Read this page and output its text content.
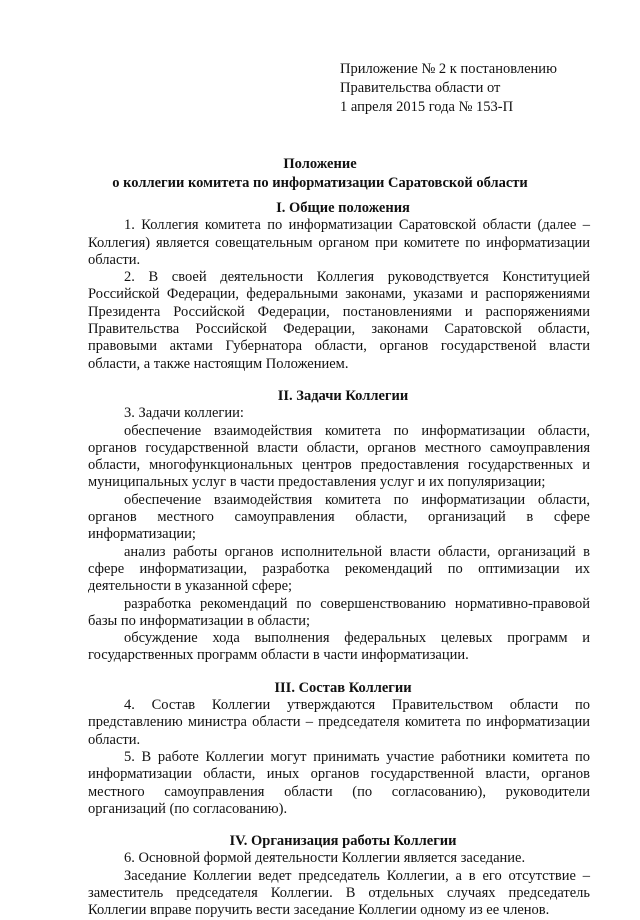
Приложение № 2 к постановлению
Правительства области от
1 апреля 2015 года № 153-П
Положение
о коллегии комитета по информатизации Саратовской области
I. Общие положения

1. Коллегия комитета по информатизации Саратовской области (далее – Коллегия) является совещательным органом при комитете по информатизации области.

2. В своей деятельности Коллегия руководствуется Конституцией Российской Федерации, федеральными законами, указами и распоряжениями Президента Российской Федерации, постановлениями и распоряжениями Правительства Российской Федерации, законами Саратовской области, правовыми актами Губернатора области, органов государственой власти области, а также настоящим Положением.

II. Задачи Коллегии

3. Задачи коллегии:

обеспечение взаимодействия комитета по информатизации области, органов государственной власти области, органов местного самоуправления области, многофункциональных центров предоставления государственных и муниципальных услуг в части предоставления услуг и их популяризации;

обеспечение взаимодействия комитета по информатизации области, органов местного самоуправления области, организаций в сфере информатизации;

анализ работы органов исполнительной власти области, организаций в сфере информатизации, разработка рекомендаций по оптимизации их деятельности в указанной сфере;

разработка рекомендаций по совершенствованию нормативно-правовой базы по информатизации в области;

обсуждение хода выполнения федеральных целевых программ и государственных программ области в части информатизации.

III. Состав Коллегии

4. Состав Коллегии утверждаются Правительством области по представлению министра области – председателя комитета по информатизации области.

5. В работе Коллегии могут принимать участие работники комитета по информатизации области, иных органов государственной власти, органов местного самоуправления области (по согласованию), руководители организаций (по согласованию).

IV. Организация работы Коллегии

6. Основной формой деятельности Коллегии является заседание.

Заседание Коллегии ведет председатель Коллегии, а в его отсутствие – заместитель председателя Коллегии. В отдельных случаях председатель Коллегии вправе поручить вести заседание Коллегии одному из ее членов.
